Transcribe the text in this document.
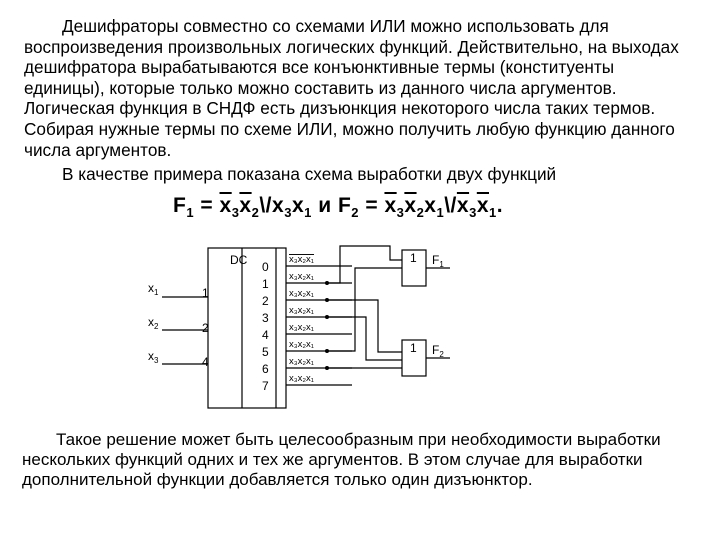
Дешифраторы совместно со схемами ИЛИ можно использовать для воспроизведения произвольных логических функций. Действительно, на выходах дешифратора вырабатываются все конъюнктивные термы (конституенты единицы), которые только можно составить из данного числа аргументов. Логическая функция в СНДФ есть дизъюнкция некоторого числа таких термов. Собирая нужные термы по схеме ИЛИ, можно получить любую функцию данного числа аргументов.

В качестве примера показана схема выработки двух функций

$F_1$ = $\overline{x}_3\overline{x}_2\backslash/x_3x_1$ и $F_2$ = $\overline{x}_3\overline{x}_2x_1\backslash/\overline{x}_3\overline{x}_1$.
DC
$x_1$
$x_2$
$x_3$
1
2
4
0
1
2
3
4
5
6
7
1
1
$F_1$
$F_2$
x₃x₂x₁
x₃x₂x₁
x₃x₂x₁
x₃x₂x₁
x₃x₂x₁
x₃x₂x₁
x₃x₂x₁
x₃x₂x₁

Такое решение может быть целесообразным при необходимости выработки нескольких функций одних и тех же аргументов. В этом случае для выработки дополнительной функции добавляется только один дизъюнктор.
